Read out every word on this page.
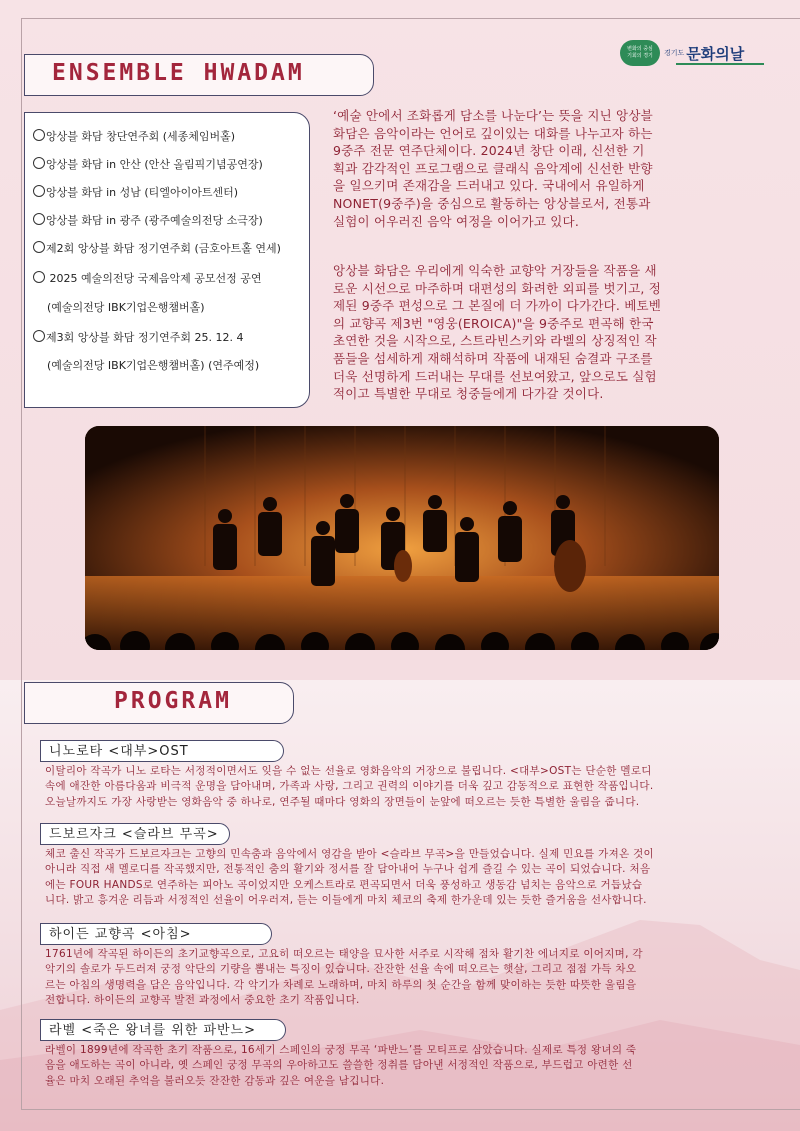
변화의 중심
기회의 경기	경기도 문화의날
ENSEMBLE HWADAM
앙상블 화담 창단연주회 (세종체임버홀)
앙상블 화담 in 안산 (안산 올림픽기념공연장)
앙상블 화담 in 성남 (티엘아이아트센터)
앙상블 화담 in 광주 (광주예술의전당 소극장)
제2회 앙상블 화담 정기연주회 (금호아트홀 연세)
2025 예술의전당 국제음악제 공모선정 공연
(예술의전당 IBK기업은행챔버홀)
제3회 앙상블 화담 정기연주회 25. 12. 4
(예술의전당 IBK기업은행챔버홀) (연주예정)
‘예술 안에서 조화롭게 담소를 나눈다’는 뜻을 지닌 앙상블
화담은 음악이라는 언어로 깊이있는 대화를 나누고자 하는
9중주 전문 연주단체이다. 2024년 창단 이래, 신선한 기
획과 감각적인 프로그램으로 클래식 음악계에 신선한 반향
을 일으키며 존재감을 드러내고 있다. 국내에서 유일하게
NONET(9중주)을 중심으로 활동하는 앙상블로서, 전통과
실험이 어우러진 음악 여정을 이어가고 있다.
앙상블 화담은 우리에게 익숙한 교향악 거장들을 작품을 새
로운 시선으로 마주하며 대편성의 화려한 외피를 벗기고, 정
제된 9중주 편성으로 그 본질에 더 가까이 다가간다. 베토벤
의 교향곡 제3번 "영웅(EROICA)"을 9중주로 편곡해 한국
초연한 것을 시작으로, 스트라빈스키와 라벨의 상징적인 작
품들을 섬세하게 재해석하며 작품에 내재된 숨결과 구조를
더욱 선명하게 드러내는 무대를 선보여왔고, 앞으로도 실험
적이고 특별한 무대로 청중들에게 다가갈 것이다.
PROGRAM
니노로타 <대부>OST
이탈리아 작곡가 니노 로타는 서정적이면서도 잊을 수 없는 선율로 영화음악의 거장으로 불립니다. <대부>OST는 단순한 멜로디
속에 애잔한 아름다움과 비극적 운명을 담아내며, 가족과 사랑, 그리고 권력의 이야기를 더욱 깊고 감동적으로 표현한 작품입니다.
오늘날까지도 가장 사랑받는 영화음악 중 하나로, 연주될 때마다 영화의 장면들이 눈앞에 떠오르는 듯한 특별한 울림을 줍니다.
드보르자크 <슬라브 무곡>
체코 출신 작곡가 드보르자크는 고향의 민속춤과 음악에서 영감을 받아 <슬라브 무곡>을 만들었습니다. 실제 민요를 가져온 것이
아니라 직접 새 멜로디를 작곡했지만, 전통적인 춤의 활기와 정서를 잘 담아내어 누구나 쉽게 즐길 수 있는 곡이 되었습니다. 처음
에는 FOUR HANDS로 연주하는 피아노 곡이었지만 오케스트라로 편곡되면서 더욱 풍성하고 생동감 넘치는 음악으로 거듭났습
니다. 밝고 흥겨운 리듬과 서정적인 선율이 어우러져, 듣는 이들에게 마치 체코의 축제 한가운데 있는 듯한 즐거움을 선사합니다.
하이든 교향곡 <아침>
1761년에 작곡된 하이든의 초기교향곡으로, 고요히 떠오르는 태양을 묘사한 서주로 시작해 점차 활기찬 에너지로 이어지며, 각
악기의 솔로가 두드러져 궁정 악단의 기량을 뽐내는 특징이 있습니다. 잔잔한 선율 속에 떠오르는 햇살, 그리고 점점 가득 차오
르는 아침의 생명력을 담은 음악입니다. 각 악기가 차례로 노래하며, 마치 하루의 첫 순간을 함께 맞이하는 듯한 따뜻한 울림을
전합니다. 하이든의 교향곡 발전 과정에서 중요한 초기 작품입니다.
라벨 <죽은 왕녀를 위한 파반느>
라벨이 1899년에 작곡한 초기 작품으로, 16세기 스페인의 궁정 무곡 ‘파반느’를 모티프로 삼았습니다. 실제로 특정 왕녀의 죽
음을 애도하는 곡이 아니라, 옛 스페인 궁정 무곡의 우아하고도 쓸쓸한 정취를 담아낸 서정적인 작품으로, 부드럽고 아련한 선
율은 마치 오래된 추억을 불러오듯 잔잔한 감동과 깊은 여운을 남깁니다.
